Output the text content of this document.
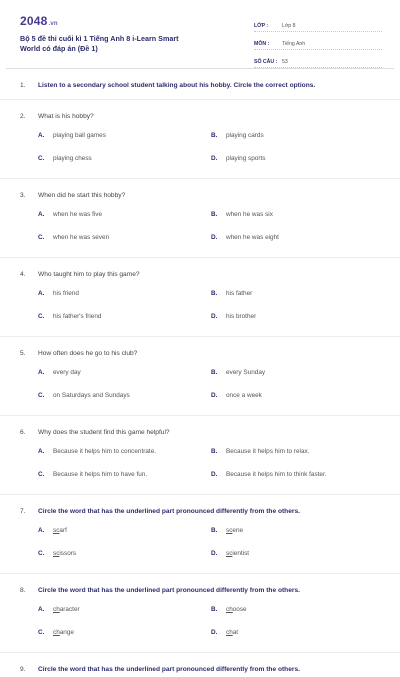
2048.vn
Bộ 5 đề thi cuối kì 1 Tiếng Anh 8 i-Learn Smart World có đáp án (Đề 1)
LỚP :	Lớp 8
MÔN :	Tiếng Anh
SỐ CÂU : 53
1.	Listen to a secondary school student talking about his hobby. Circle the correct options.
2.	What is his hobby?
A.	playing ball games	B.	playing cards
C.	playing chess	D.	playing sports
3.	When did he start this hobby?
A.	when he was five	B.	when he was six
C.	when he was seven	D.	when he was eight
4.	Who taught him to play this game?
A.	his friend	B.	his father
C.	his father's friend	D.	his brother
5.	How often does he go to his club?
A.	every day	B.	every Sunday
C.	on Saturdays and Sundays	D.	once a week
6.	Why does the student find this game helpful?
A.	Because it helps him to concentrate.	B.	Because it helps him to relax.
C.	Because it helps him to have fun.	D.	Because it helps him to think faster.
7.	Circle the word that has the underlined part pronounced differently from the others.
A.	scarf	B.	scene
C.	scissors	D.	scientist
8.	Circle the word that has the underlined part pronounced differently from the others.
A.	character	B.	choose
C.	change	D.	chat
9.	Circle the word that has the underlined part pronounced differently from the others.
